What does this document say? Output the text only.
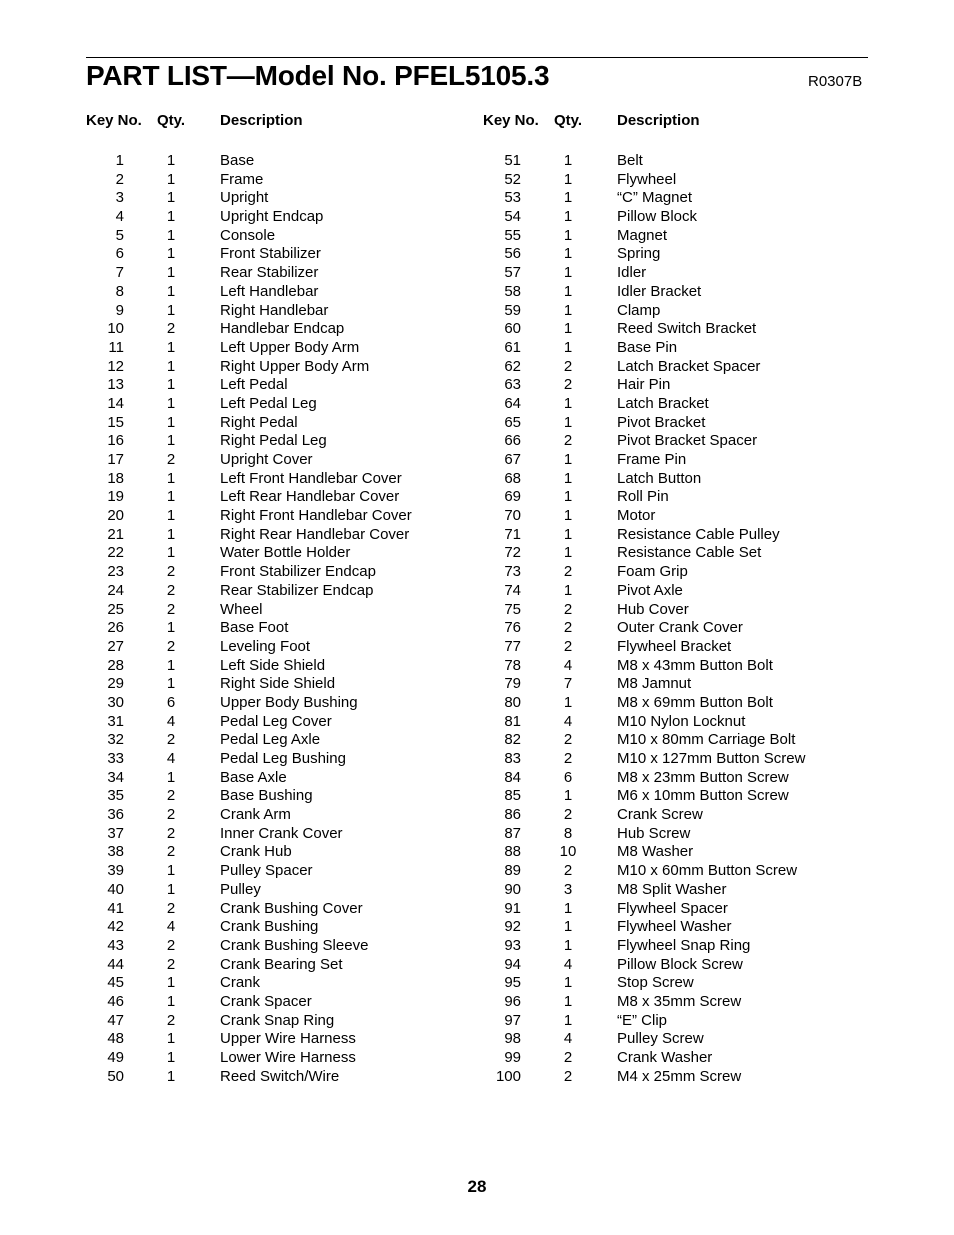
PART LIST—Model No. PFEL5105.3	R0307B
Key No. Qty. Description
1	1	Base
2	1	Frame
3	1	Upright
4	1	Upright Endcap
5	1	Console
6	1	Front Stabilizer
7	1	Rear Stabilizer
8	1	Left Handlebar
9	1	Right Handlebar
10	2	Handlebar Endcap
11	1	Left Upper Body Arm
12	1	Right Upper Body Arm
13	1	Left Pedal
14	1	Left Pedal Leg
15	1	Right Pedal
16	1	Right Pedal Leg
17	2	Upright Cover
18	1	Left Front Handlebar Cover
19	1	Left Rear Handlebar Cover
20	1	Right Front Handlebar Cover
21	1	Right Rear Handlebar Cover
22	1	Water Bottle Holder
23	2	Front Stabilizer Endcap
24	2	Rear Stabilizer Endcap
25	2	Wheel
26	1	Base Foot
27	2	Leveling Foot
28	1	Left Side Shield
29	1	Right Side Shield
30	6	Upper Body Bushing
31	4	Pedal Leg Cover
32	2	Pedal Leg Axle
33	4	Pedal Leg Bushing
34	1	Base Axle
35	2	Base Bushing
36	2	Crank Arm
37	2	Inner Crank Cover
38	2	Crank Hub
39	1	Pulley Spacer
40	1	Pulley
41	2	Crank Bushing Cover
42	4	Crank Bushing
43	2	Crank Bushing Sleeve
44	2	Crank Bearing Set
45	1	Crank
46	1	Crank Spacer
47	2	Crank Snap Ring
48	1	Upper Wire Harness
49	1	Lower Wire Harness
50	1	Reed Switch/Wire
Key No. Qty. Description
51	1	Belt
52	1	Flywheel
53	1	“C” Magnet
54	1	Pillow Block
55	1	Magnet
56	1	Spring
57	1	Idler
58	1	Idler Bracket
59	1	Clamp
60	1	Reed Switch Bracket
61	1	Base Pin
62	2	Latch Bracket Spacer
63	2	Hair Pin
64	1	Latch Bracket
65	1	Pivot Bracket
66	2	Pivot Bracket Spacer
67	1	Frame Pin
68	1	Latch Button
69	1	Roll Pin
70	1	Motor
71	1	Resistance Cable Pulley
72	1	Resistance Cable Set
73	2	Foam Grip
74	1	Pivot Axle
75	2	Hub Cover
76	2	Outer Crank Cover
77	2	Flywheel Bracket
78	4	M8 x 43mm Button Bolt
79	7	M8 Jamnut
80	1	M8 x 69mm Button Bolt
81	4	M10 Nylon Locknut
82	2	M10 x 80mm Carriage Bolt
83	2	M10 x 127mm Button Screw
84	6	M8 x 23mm Button Screw
85	1	M6 x 10mm Button Screw
86	2	Crank Screw
87	8	Hub Screw
88	10	M8 Washer
89	2	M10 x 60mm Button Screw
90	3	M8 Split Washer
91	1	Flywheel Spacer
92	1	Flywheel Washer
93	1	Flywheel Snap Ring
94	4	Pillow Block Screw
95	1	Stop Screw
96	1	M8 x 35mm Screw
97	1	“E” Clip
98	4	Pulley Screw
99	2	Crank Washer
100	2	M4 x 25mm Screw
28
